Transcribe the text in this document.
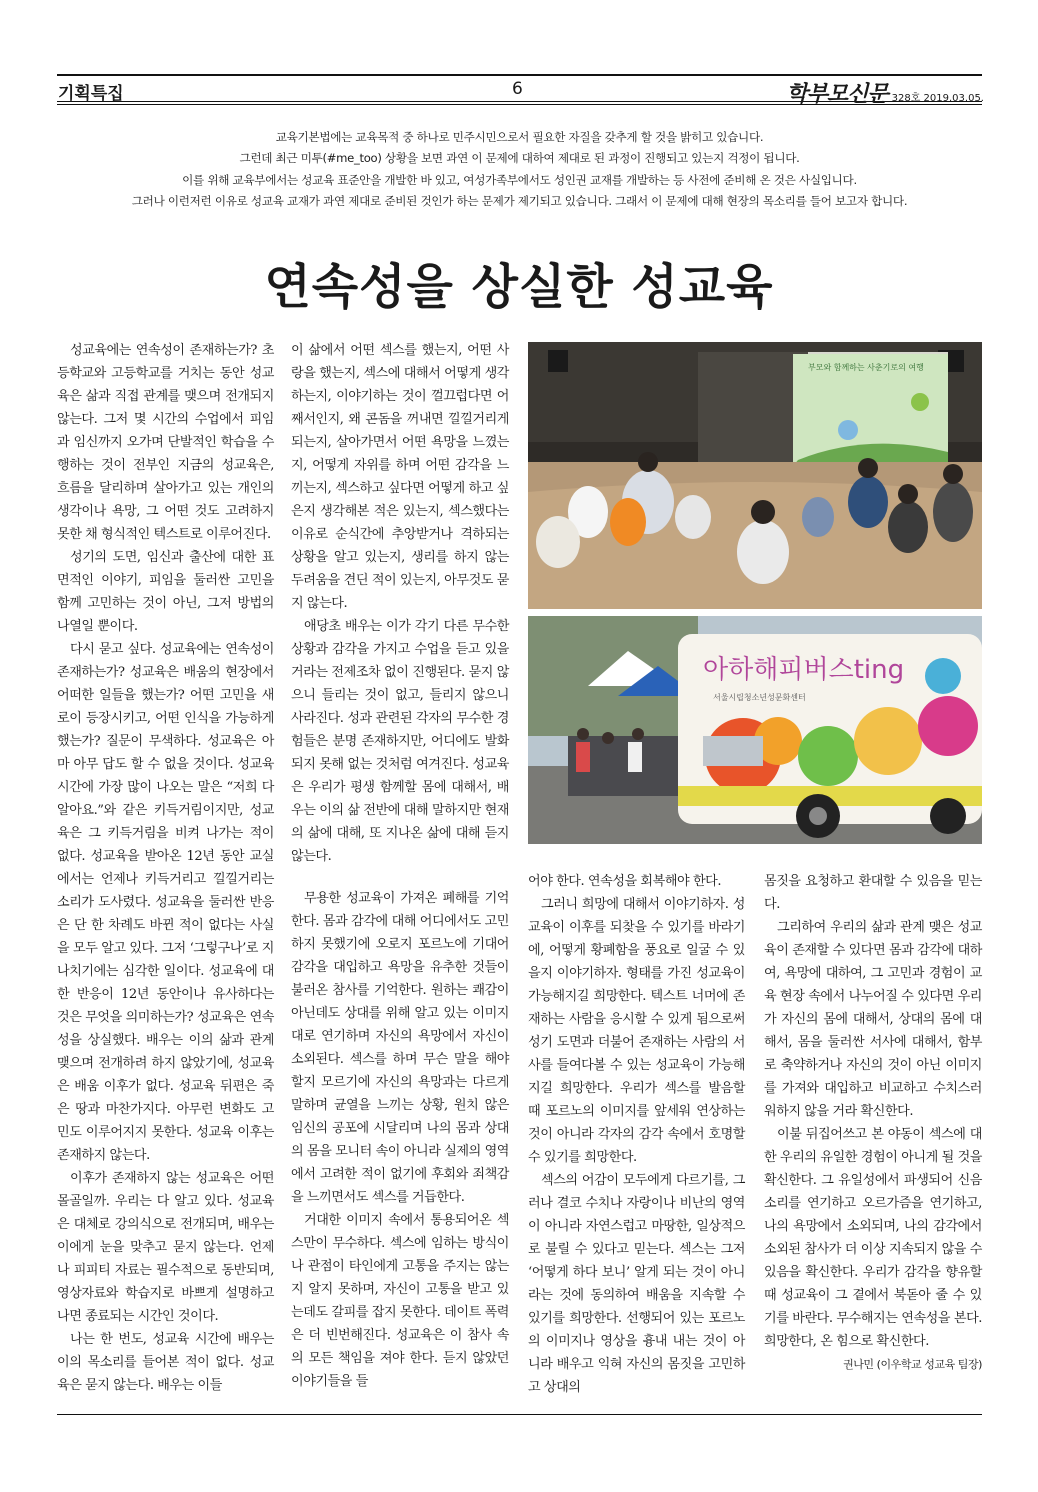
기획특집	6	학부모신문 328호 2019.03.05.
교육기본법에는 교육목적 중 하나로 민주시민으로서 필요한 자질을 갖추게 할 것을 밝히고 있습니다.
그런데 최근 미투(#me_too) 상황을 보면 과연 이 문제에 대하여 제대로 된 과정이 진행되고 있는지 걱정이 됩니다.
이를 위해 교육부에서는 성교육 표준안을 개발한 바 있고, 여성가족부에서도 성인권 교재를 개발하는 등 사전에 준비해 온 것은 사실입니다.
그러나 이런저런 이유로 성교육 교재가 과연 제대로 준비된 것인가 하는 문제가 제기되고 있습니다. 그래서 이 문제에 대해 현장의 목소리를 들어 보고자 합니다.
연속성을 상실한 성교육

성교육에는 연속성이 존재하는가? 초등학교와 고등학교를 거치는 동안 성교육은 삶과 직접 관계를 맺으며 전개되지 않는다. 그저 몇 시간의 수업에서 피임과 임신까지 오가며 단발적인 학습을 수행하는 것이 전부인 지금의 성교육은, 흐름을 달리하며 살아가고 있는 개인의 생각이나 욕망, 그 어떤 것도 고려하지 못한 채 형식적인 텍스트로 이루어진다.

성기의 도면, 임신과 출산에 대한 표면적인 이야기, 피임을 둘러싼 고민을 함께 고민하는 것이 아닌, 그저 방법의 나열일 뿐이다.

다시 묻고 싶다. 성교육에는 연속성이 존재하는가? 성교육은 배움의 현장에서 어떠한 일들을 했는가? 어떤 고민을 새로이 등장시키고, 어떤 인식을 가능하게 했는가? 질문이 무색하다. 성교육은 아마 아무 답도 할 수 없을 것이다. 성교육 시간에 가장 많이 나오는 말은 “저희 다 알아요.”와 같은 키득거림이지만, 성교육은 그 키득거림을 비켜 나가는 적이 없다. 성교육을 받아온 12년 동안 교실에서는 언제나 키득거리고 낄낄거리는 소리가 도사렸다. 성교육을 둘러싼 반응은 단 한 차례도 바뀐 적이 없다는 사실을 모두 알고 있다. 그저 ‘그렇구나’로 지나치기에는 심각한 일이다. 성교육에 대한 반응이 12년 동안이나 유사하다는 것은 무엇을 의미하는가? 성교육은 연속성을 상실했다. 배우는 이의 삶과 관계 맺으며 전개하려 하지 않았기에, 성교육은 배움 이후가 없다. 성교육 뒤편은 죽은 땅과 마찬가지다. 아무런 변화도 고민도 이루어지지 못한다. 성교육 이후는 존재하지 않는다.

이후가 존재하지 않는 성교육은 어떤 몰골일까. 우리는 다 알고 있다. 성교육은 대체로 강의식으로 전개되며, 배우는 이에게 눈을 맞추고 묻지 않는다. 언제나 피피티 자료는 필수적으로 동반되며, 영상자료와 학습지로 바쁘게 설명하고 나면 종료되는 시간인 것이다.

나는 한 번도, 성교육 시간에 배우는 이의 목소리를 들어본 적이 없다. 성교육은 묻지 않는다. 배우는 이들

이 삶에서 어떤 섹스를 했는지, 어떤 사랑을 했는지, 섹스에 대해서 어떻게 생각하는지, 이야기하는 것이 껄끄럽다면 어째서인지, 왜 콘돔을 꺼내면 낄낄거리게 되는지, 살아가면서 어떤 욕망을 느꼈는지, 어떻게 자위를 하며 어떤 감각을 느끼는지, 섹스하고 싶다면 어떻게 하고 싶은지 생각해본 적은 있는지, 섹스했다는 이유로 순식간에 추앙받거나 격하되는 상황을 알고 있는지, 생리를 하지 않는 두려움을 견딘 적이 있는지, 아무것도 묻지 않는다.

애당초 배우는 이가 각기 다른 무수한 상황과 감각을 가지고 수업을 듣고 있을 거라는 전제조차 없이 진행된다. 묻지 않으니 들리는 것이 없고, 들리지 않으니 사라진다. 성과 관련된 각자의 무수한 경험들은 분명 존재하지만, 어디에도 발화되지 못해 없는 것처럼 여겨진다. 성교육은 우리가 평생 함께할 몸에 대해서, 배우는 이의 삶 전반에 대해 말하지만 현재의 삶에 대해, 또 지나온 삶에 대해 듣지 않는다.

무용한 성교육이 가져온 폐해를 기억한다. 몸과 감각에 대해 어디에서도 고민하지 못했기에 오로지 포르노에 기대어 감각을 대입하고 욕망을 유추한 것들이 불러온 참사를 기억한다. 원하는 쾌감이 아닌데도 상대를 위해 알고 있는 이미지대로 연기하며 자신의 욕망에서 자신이 소외된다. 섹스를 하며 무슨 말을 해야 할지 모르기에 자신의 욕망과는 다르게 말하며 균열을 느끼는 상황, 원치 않은 임신의 공포에 시달리며 나의 몸과 상대의 몸을 모니터 속이 아니라 실제의 영역에서 고려한 적이 없기에 후회와 죄책감을 느끼면서도 섹스를 거듭한다.

거대한 이미지 속에서 통용되어온 섹스만이 무수하다. 섹스에 임하는 방식이나 관점이 타인에게 고통을 주지는 않는지 알지 못하며, 자신이 고통을 받고 있는데도 갈피를 잡지 못한다. 데이트 폭력은 더 빈번해진다. 성교육은 이 참사 속의 모든 책임을 져야 한다. 듣지 않았던 이야기들을 들

부모와 함께하는 사춘기로의 여행
아하해피버스ting
서울시립청소년성문화센터

어야 한다. 연속성을 회복해야 한다.

그러니 희망에 대해서 이야기하자. 성교육이 이후를 되찾을 수 있기를 바라기에, 어떻게 황폐함을 풍요로 일굴 수 있을지 이야기하자. 형태를 가진 성교육이 가능해지길 희망한다. 텍스트 너머에 존재하는 사람을 응시할 수 있게 됨으로써 성기 도면과 더불어 존재하는 사람의 서사를 들여다볼 수 있는 성교육이 가능해지길 희망한다. 우리가 섹스를 발음할 때 포르노의 이미지를 앞세워 연상하는 것이 아니라 각자의 감각 속에서 호명할 수 있기를 희망한다.

섹스의 어감이 모두에게 다르기를, 그러나 결코 수치나 자랑이나 비난의 영역이 아니라 자연스럽고 마땅한, 일상적으로 불릴 수 있다고 믿는다. 섹스는 그저 ‘어떻게 하다 보니’ 알게 되는 것이 아니라는 것에 동의하여 배움을 지속할 수 있기를 희망한다. 선행되어 있는 포르노의 이미지나 영상을 흉내 내는 것이 아니라 배우고 익혀 자신의 몸짓을 고민하고 상대의

몸짓을 요청하고 환대할 수 있음을 믿는다.

그리하여 우리의 삶과 관계 맺은 성교육이 존재할 수 있다면 몸과 감각에 대하여, 욕망에 대하여, 그 고민과 경험이 교육 현장 속에서 나누어질 수 있다면 우리가 자신의 몸에 대해서, 상대의 몸에 대해서, 몸을 둘러싼 서사에 대해서, 함부로 축약하거나 자신의 것이 아닌 이미지를 가져와 대입하고 비교하고 수치스러워하지 않을 거라 확신한다.

이불 뒤집어쓰고 본 야동이 섹스에 대한 우리의 유일한 경험이 아니게 될 것을 확신한다. 그 유일성에서 파생되어 신음소리를 연기하고 오르가즘을 연기하고, 나의 욕망에서 소외되며, 나의 감각에서 소외된 참사가 더 이상 지속되지 않을 수 있음을 확신한다. 우리가 감각을 향유할 때 성교육이 그 곁에서 북돋아 줄 수 있기를 바란다. 무수해지는 연속성을 본다. 희망한다, 온 힘으로 확신한다.

권나민 (이우학교 성교육 팀장)
